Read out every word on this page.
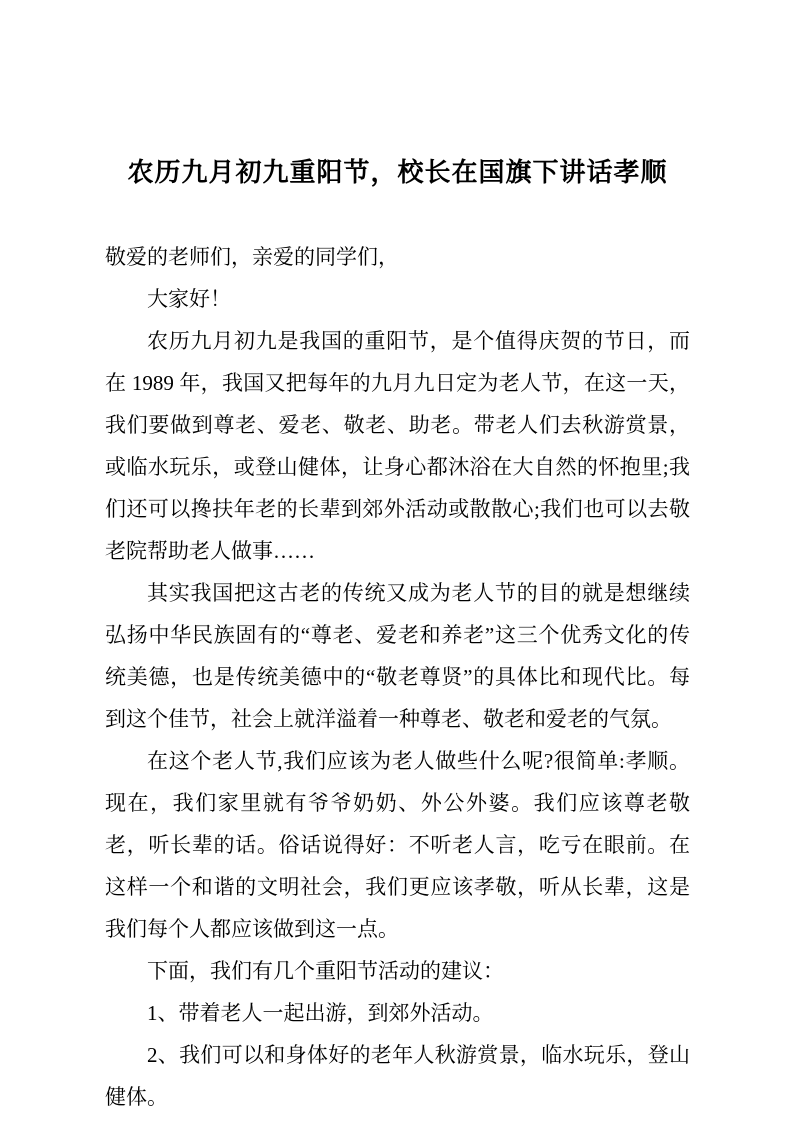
农历九月初九重阳节，校长在国旗下讲话孝顺

敬爱的老师们，亲爱的同学们，

大家好！

农历九月初九是我国的重阳节，是个值得庆贺的节日，而在 1989 年，我国又把每年的九月九日定为老人节，在这一天，我们要做到尊老、爱老、敬老、助老。带老人们去秋游赏景，或临水玩乐，或登山健体，让身心都沐浴在大自然的怀抱里;我们还可以搀扶年老的长辈到郊外活动或散散心;我们也可以去敬老院帮助老人做事……

其实我国把这古老的传统又成为老人节的目的就是想继续弘扬中华民族固有的“尊老、爱老和养老”这三个优秀文化的传统美德，也是传统美德中的“敬老尊贤”的具体比和现代比。每到这个佳节，社会上就洋溢着一种尊老、敬老和爱老的气氛。

在这个老人节,我们应该为老人做些什么呢?很简单:孝顺。现在，我们家里就有爷爷奶奶、外公外婆。我们应该尊老敬老，听长辈的话。俗话说得好：不听老人言，吃亏在眼前。在这样一个和谐的文明社会，我们更应该孝敬，听从长辈，这是我们每个人都应该做到这一点。

下面，我们有几个重阳节活动的建议：

1、带着老人一起出游，到郊外活动。

2、我们可以和身体好的老年人秋游赏景，临水玩乐，登山健体。
